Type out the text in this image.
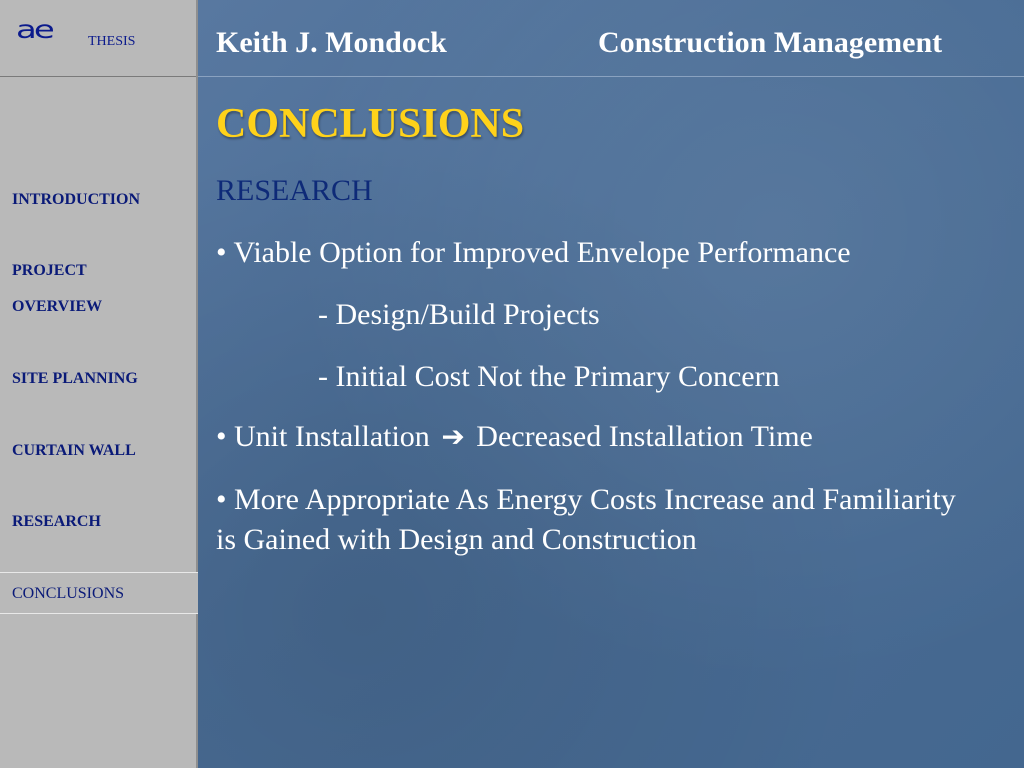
ae	THESIS
INTRODUCTION
PROJECT
OVERVIEW
SITE PLANNING
CURTAIN WALL
RESEARCH
CONCLUSIONS
Keith J. Mondock	Construction Management
CONCLUSIONS
RESEARCH
• Viable Option for Improved Envelope Performance
- Design/Build Projects
- Initial Cost Not the Primary Concern
• Unit Installation ➔ Decreased Installation Time
• More Appropriate As Energy Costs Increase and Familiarity is Gained with Design and Construction
